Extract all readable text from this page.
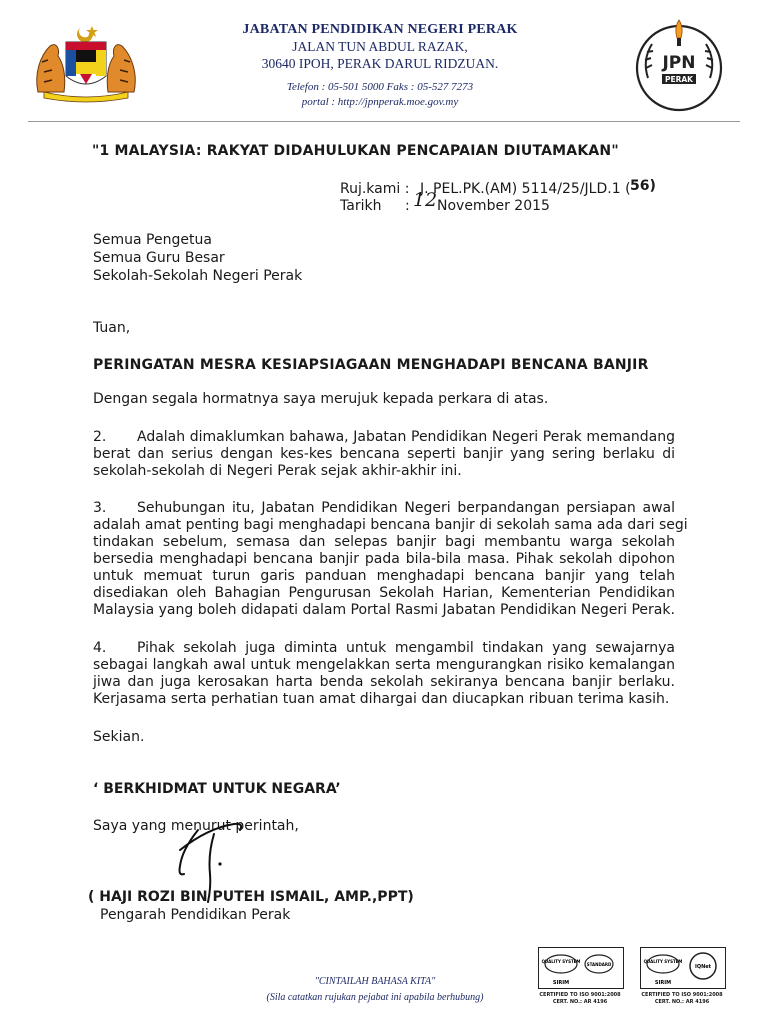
JABATAN PENDIDIKAN NEGERI PERAK
JALAN TUN ABDUL RAZAK,
30640 IPOH, PERAK DARUL RIDZUAN.
Telefon : 05-501 5000 Faks : 05-527 7273
portal : http://jpnperak.moe.gov.my
JPN
PERAK
"1 MALAYSIA: RAKYAT DIDAHULUKAN PENCAPAIAN DIUTAMAKAN"
Ruj.kami : J. PEL.PK.(AM) 5114/25/JLD.1 ( 56)
Tarikh : 12 November 2015
Semua Pengetua
Semua Guru Besar
Sekolah-Sekolah Negeri Perak
Tuan,
PERINGATAN MESRA KESIAPSIAGAAN MENGHADAPI BENCANA BANJIR
Dengan segala hormatnya saya merujuk kepada perkara di atas.
2. Adalah dimaklumkan bahawa, Jabatan Pendidikan Negeri Perak memandang
berat dan serius dengan kes-kes bencana seperti banjir yang sering berlaku di
sekolah-sekolah di Negeri Perak sejak akhir-akhir ini.
3. Sehubungan itu, Jabatan Pendidikan Negeri berpandangan persiapan awal
adalah amat penting bagi menghadapi bencana banjir di sekolah sama ada dari segi
tindakan sebelum, semasa dan selepas banjir bagi membantu warga sekolah
bersedia menghadapi bencana banjir pada bila-bila masa. Pihak sekolah dipohon
untuk memuat turun garis panduan menghadapi bencana banjir yang telah
disediakan oleh Bahagian Pengurusan Sekolah Harian, Kementerian Pendidikan
Malaysia yang boleh didapati dalam Portal Rasmi Jabatan Pendidikan Negeri Perak.
4. Pihak sekolah juga diminta untuk mengambil tindakan yang sewajarnya
sebagai langkah awal untuk mengelakkan serta mengurangkan risiko kemalangan
jiwa dan juga kerosakan harta benda sekolah sekiranya bencana banjir berlaku.
Kerjasama serta perhatian tuan amat dihargai dan diucapkan ribuan terima kasih.
Sekian.
‘ BERKHIDMAT UNTUK NEGARA’
Saya yang menurut perintah,
( HAJI ROZI BIN PUTEH ISMAIL, AMP.,PPT)
Pengarah Pendidikan Perak
"CINTAILAH BAHASA KITA"
(Sila catatkan rujukan pejabat ini apabila berhubung)
QUALITY SYSTEM
STANDARD
SIRIM
CERTIFIED TO ISO 9001:2008
CERT. NO.: AR 4196
QUALITY SYSTEM
IQNet
SIRIM
CERTIFIED TO ISO 9001:2008
CERT. NO.: AR 4196
